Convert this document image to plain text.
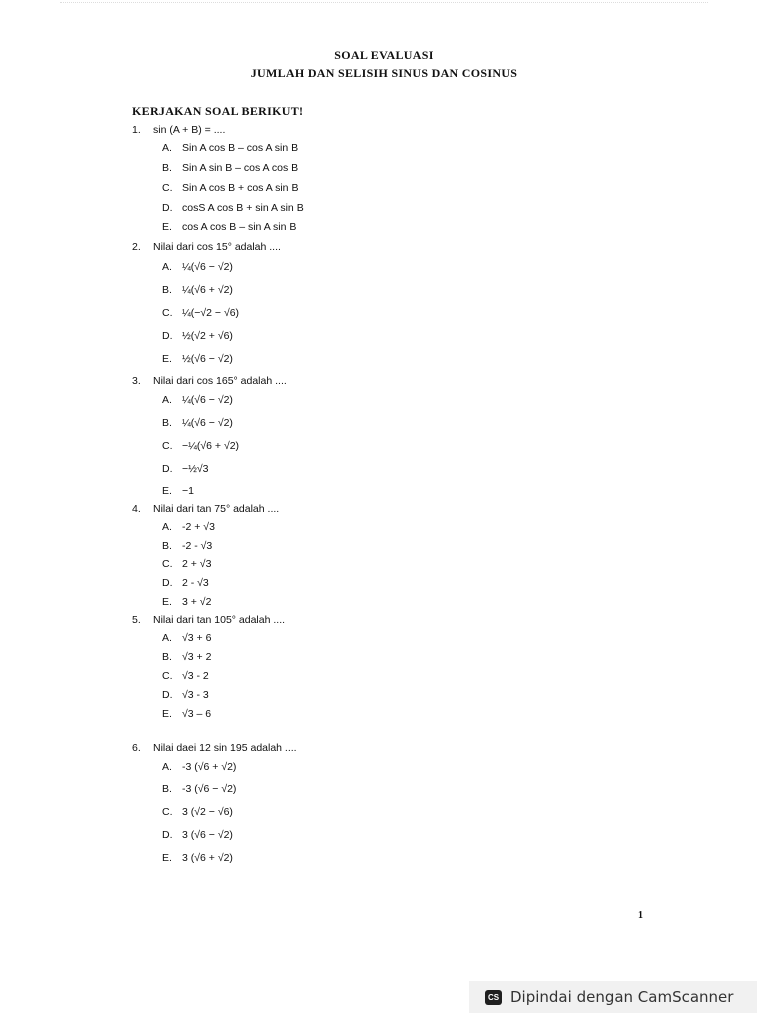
SOAL EVALUASI
JUMLAH DAN SELISIH SINUS DAN COSINUS
KERJAKAN SOAL BERIKUT!
1. sin (A + B) = ....
A. Sin A cos B – cos A sin B
B. Sin A sin B – cos A cos B
C. Sin A cos B + cos A sin B
D. cosS A cos B + sin A sin B
E. cos A cos B – sin A sin B
2. Nilai dari cos 15° adalah ....
A. ¼(√6 − √2)
B. ¼(√6 + √2)
C. ¼(−√2 − √6)
D. ½(√2 + √6)
E. ½(√6 − √2)
3. Nilai dari cos 165° adalah ....
A. ¼(√6 − √2)
B. ¼(√6 − √2)
C. −¼(√6 + √2)
D. −½√3
E. −1
4. Nilai dari tan 75° adalah ....
A. -2 + √3
B. -2 - √3
C. 2 + √3
D. 2 - √3
E. 3 + √2
5. Nilai dari tan 105° adalah ....
A. √3 + 6
B. √3 + 2
C. √3 - 2
D. √3 - 3
E. √3 – 6
6. Nilai daei 12 sin 195 adalah ....
A. -3 (√6 + √2)
B. -3 (√6 − √2)
C. 3 (√2 − √6)
D. 3 (√6 − √2)
E. 3 (√6 + √2)
1
CS Dipindai dengan CamScanner
